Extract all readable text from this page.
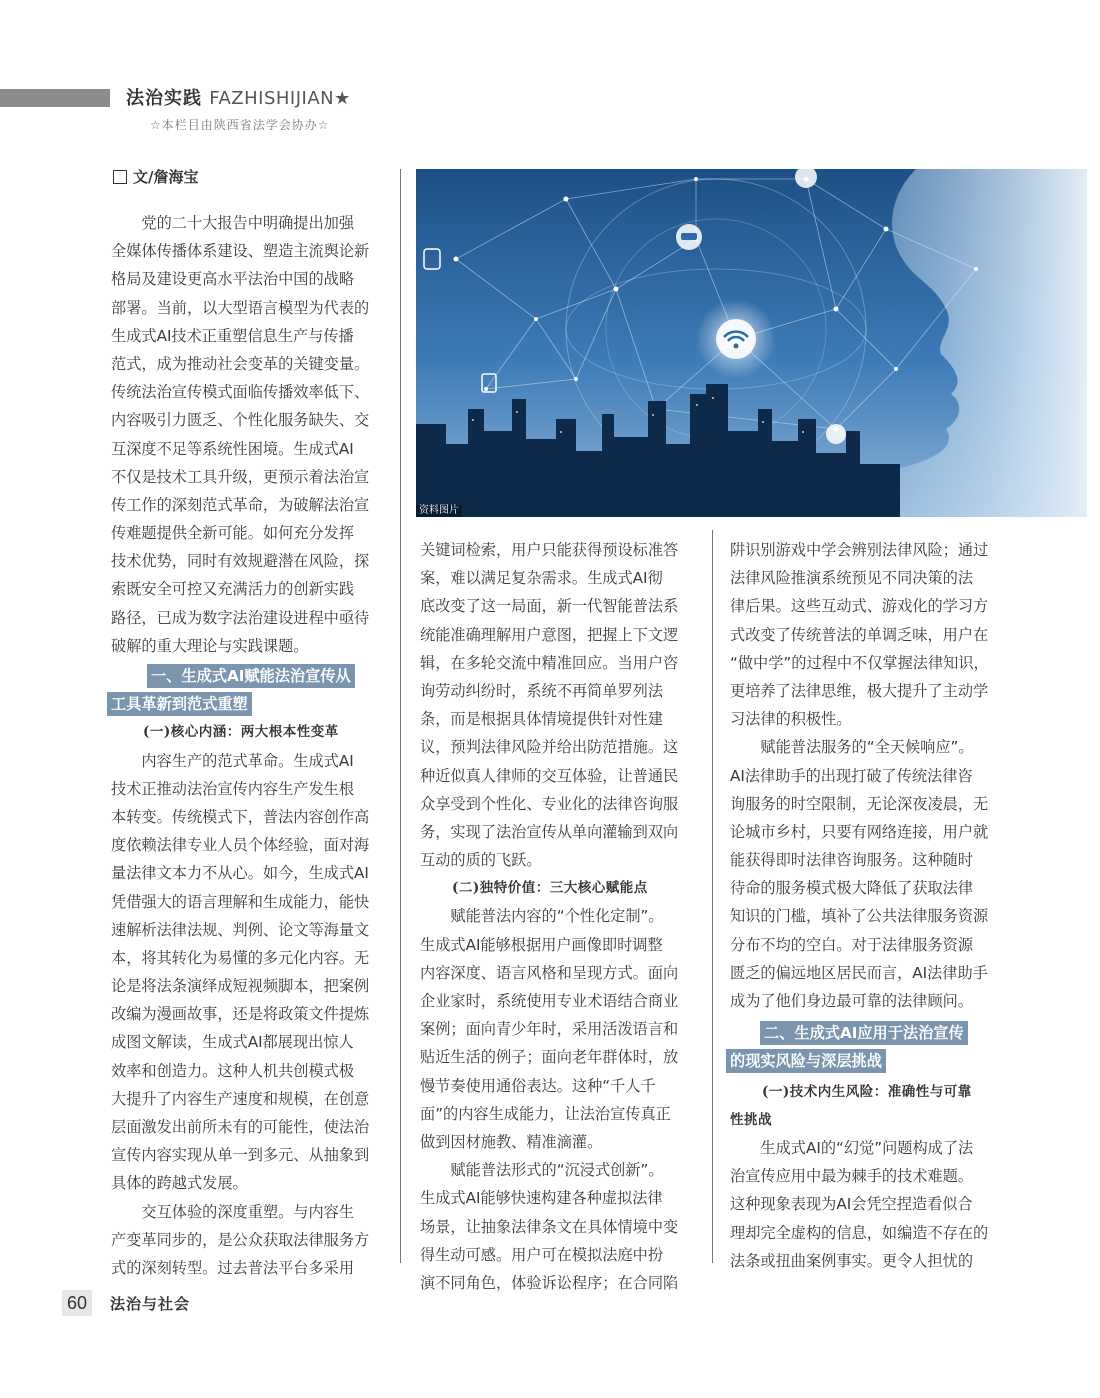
法治实践 FAZHISHIJIAN★
☆本栏目由陕西省法学会协办☆
文/詹海宝
党的二十大报告中明确提出加强
全媒体传播体系建设、塑造主流舆论新
格局及建设更高水平法治中国的战略
部署。当前，以大型语言模型为代表的
生成式AI技术正重塑信息生产与传播
范式，成为推动社会变革的关键变量。
传统法治宣传模式面临传播效率低下、
内容吸引力匮乏、个性化服务缺失、交
互深度不足等系统性困境。生成式AI
不仅是技术工具升级，更预示着法治宣
传工作的深刻范式革命，为破解法治宣
传难题提供全新可能。如何充分发挥
技术优势，同时有效规避潜在风险，探
索既安全可控又充满活力的创新实践
路径，已成为数字法治建设进程中亟待
破解的重大理论与实践课题。
一、生成式AI赋能法治宣传从
工具革新到范式重塑
(一)核心内涵：两大根本性变革
内容生产的范式革命。生成式AI
技术正推动法治宣传内容生产发生根
本转变。传统模式下，普法内容创作高
度依赖法律专业人员个体经验，面对海
量法律文本力不从心。如今，生成式AI
凭借强大的语言理解和生成能力，能快
速解析法律法规、判例、论文等海量文
本，将其转化为易懂的多元化内容。无
论是将法条演绎成短视频脚本，把案例
改编为漫画故事，还是将政策文件提炼
成图文解读，生成式AI都展现出惊人
效率和创造力。这种人机共创模式极
大提升了内容生产速度和规模，在创意
层面激发出前所未有的可能性，使法治
宣传内容实现从单一到多元、从抽象到
具体的跨越式发展。
交互体验的深度重塑。与内容生
产变革同步的，是公众获取法律服务方
式的深刻转型。过去普法平台多采用
资料图片
关键词检索，用户只能获得预设标准答
案，难以满足复杂需求。生成式AI彻
底改变了这一局面，新一代智能普法系
统能准确理解用户意图，把握上下文逻
辑，在多轮交流中精准回应。当用户咨
询劳动纠纷时，系统不再简单罗列法
条，而是根据具体情境提供针对性建
议，预判法律风险并给出防范措施。这
种近似真人律师的交互体验，让普通民
众享受到个性化、专业化的法律咨询服
务，实现了法治宣传从单向灌输到双向
互动的质的飞跃。
(二)独特价值：三大核心赋能点
赋能普法内容的“个性化定制”。
生成式AI能够根据用户画像即时调整
内容深度、语言风格和呈现方式。面向
企业家时，系统使用专业术语结合商业
案例；面向青少年时，采用活泼语言和
贴近生活的例子；面向老年群体时，放
慢节奏使用通俗表达。这种“千人千
面”的内容生成能力，让法治宣传真正
做到因材施教、精准滴灌。
赋能普法形式的“沉浸式创新”。
生成式AI能够快速构建各种虚拟法律
场景，让抽象法律条文在具体情境中变
得生动可感。用户可在模拟法庭中扮
演不同角色，体验诉讼程序；在合同陷
阱识别游戏中学会辨别法律风险；通过
法律风险推演系统预见不同决策的法
律后果。这些互动式、游戏化的学习方
式改变了传统普法的单调乏味，用户在
“做中学”的过程中不仅掌握法律知识，
更培养了法律思维，极大提升了主动学
习法律的积极性。
赋能普法服务的“全天候响应”。
AI法律助手的出现打破了传统法律咨
询服务的时空限制，无论深夜凌晨，无
论城市乡村，只要有网络连接，用户就
能获得即时法律咨询服务。这种随时
待命的服务模式极大降低了获取法律
知识的门槛，填补了公共法律服务资源
分布不均的空白。对于法律服务资源
匮乏的偏远地区居民而言，AI法律助手
成为了他们身边最可靠的法律顾问。
二、生成式AI应用于法治宣传
的现实风险与深层挑战
(一)技术内生风险：准确性与可靠
性挑战
生成式AI的“幻觉”问题构成了法
治宣传应用中最为棘手的技术难题。
这种现象表现为AI会凭空捏造看似合
理却完全虚构的信息，如编造不存在的
法条或扭曲案例事实。更令人担忧的
60	法治与社会
